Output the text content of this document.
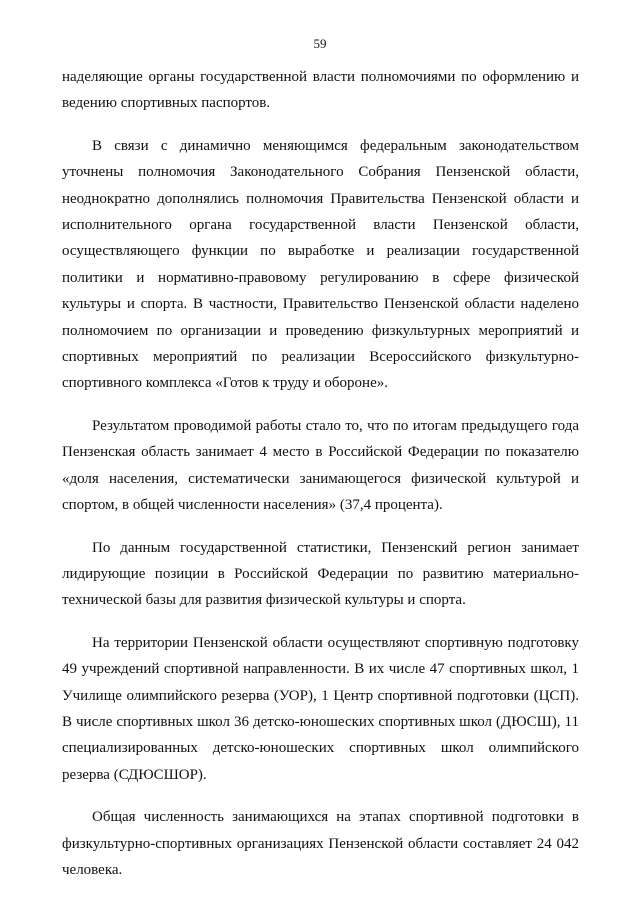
59

наделяющие органы государственной власти полномочиями по оформлению и ведению спортивных паспортов.

В связи с динамично меняющимся федеральным законодательством уточнены полномочия Законодательного Собрания Пензенской области, неоднократно дополнялись полномочия Правительства Пензенской области и исполнительного органа государственной власти Пензенской области, осуществляющего функции по выработке и реализации государственной политики и нормативно-правовому регулированию в сфере физической культуры и спорта. В частности, Правительство Пензенской области наделено полномочием по организации и проведению физкультурных мероприятий и спортивных мероприятий по реализации Всероссийского физкультурно-спортивного комплекса «Готов к труду и обороне».

Результатом проводимой работы стало то, что по итогам предыдущего года Пензенская область занимает 4 место в Российской Федерации по показателю «доля населения, систематически занимающегося физической культурой и спортом, в общей численности населения» (37,4 процента).

По данным государственной статистики, Пензенский регион занимает лидирующие позиции в Российской Федерации по развитию материально-технической базы для развития физической культуры и спорта.

На территории Пензенской области осуществляют спортивную подготовку 49 учреждений спортивной направленности. В их числе 47 спортивных школ, 1 Училище олимпийского резерва (УОР), 1 Центр спортивной подготовки (ЦСП). В числе спортивных школ 36 детско-юношеских спортивных школ (ДЮСШ), 11 специализированных детско-юношеских спортивных школ олимпийского резерва (СДЮСШОР).

Общая численность занимающихся на этапах спортивной подготовки в физкультурно-спортивных организациях Пензенской области составляет 24 042 человека.
